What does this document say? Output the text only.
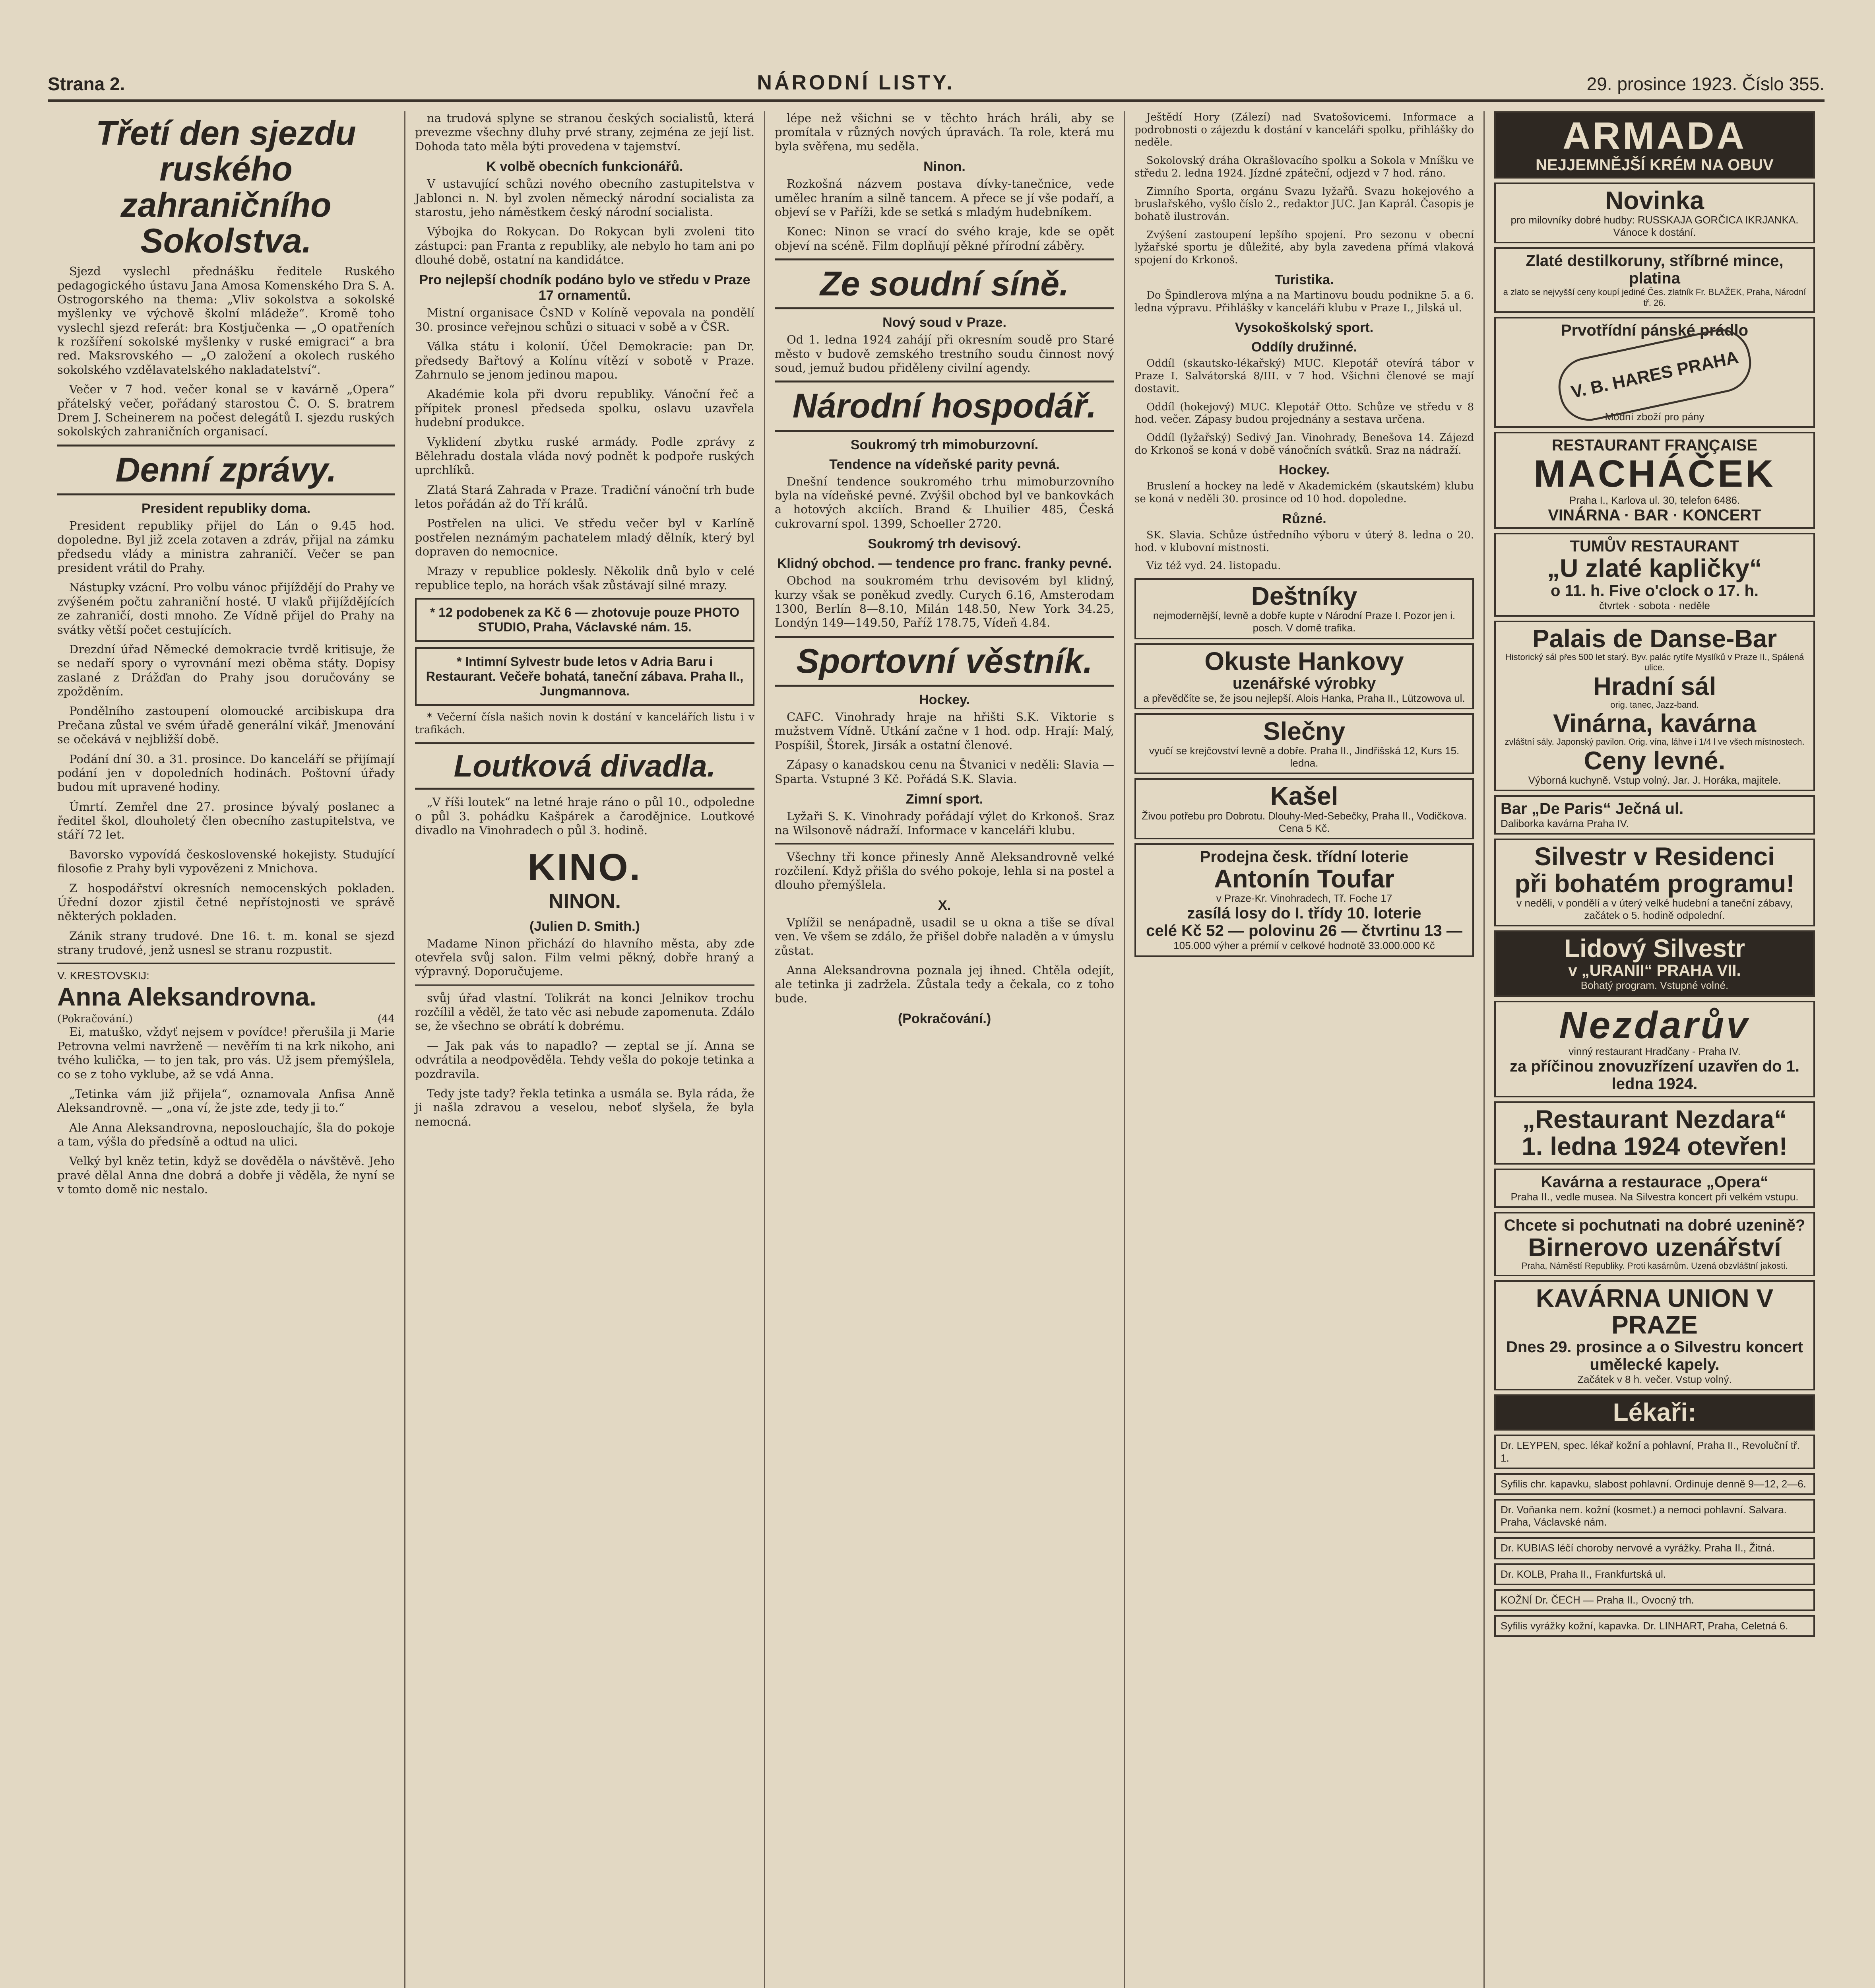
Strana 2.	NÁRODNÍ LISTY.	29. prosince 1923. Číslo 355.
Třetí den sjezdu ruského zahraničního Sokolstva.

Sjezd vyslechl přednášku ředitele Ruského pedagogického ústavu Jana Amosa Komenského Dra S. A. Ostrogorského na thema: „Vliv sokolstva a sokolské myšlenky ve výchově školní mládeže“. Kromě toho vyslechl sjezd referát: bra Kostjučenka — „O opatřeních k rozšíření sokolské myšlenky v ruské emigraci“ a bra red. Maksrovského — „O založení a okolech ruského sokolského vzdělavatelského nakladatelství“.

Večer v 7 hod. večer konal se v kavárně „Opera“ přátelský večer, pořádaný starostou Č. O. S. bratrem Drem J. Scheinerem na počest delegátů I. sjezdu ruských sokolských zahraničních organisací.

Denní zprávy.
President republiky doma.

President republiky přijel do Lán o 9.45 hod. dopoledne. Byl již zcela zotaven a zdráv, přijal na zámku předsedu vlády a ministra zahraničí. Večer se pan president vrátil do Prahy.

Nástupky vzácní. Pro volbu vánoc přijíždějí do Prahy ve zvýšeném počtu zahraniční hosté. U vlaků přijíždějících ze zahraničí, dosti mnoho. Ze Vídně přijel do Prahy na svátky větší počet cestujících.

Drezdní úřad Německé demokracie tvrdě kritisuje, že se nedaří spory o vyrovnání mezi oběma státy. Dopisy zaslané z Drážďan do Prahy jsou doručovány se zpožděním.

Pondělního zastoupení olomoucké arcibiskupa dra Prečana zůstal ve svém úřadě generální vikář. Jmenování se očekává v nejbližší době.

Podání dní 30. a 31. prosince. Do kanceláří se přijímají podání jen v dopoledních hodinách. Poštovní úřady budou mít upravené hodiny.

Úmrtí. Zemřel dne 27. prosince bývalý poslanec a ředitel škol, dlouholetý člen obecního zastupitelstva, ve stáří 72 let.

Bavorsko vypovídá československé hokejisty. Studující filosofie z Prahy byli vypovězeni z Mnichova.

Z hospodářství okresních nemocenských pokladen. Úřední dozor zjistil četné nepřístojnosti ve správě některých pokladen.

Zánik strany trudové. Dne 16. t. m. konal se sjezd strany trudové, jenž usnesl se stranu rozpustit.

V. KRESTOVSKIJ:
Anna Aleksandrovna.
(Pokračování.)	(44

Ei, matuško, vždyť nejsem v povídce! přerušila ji Marie Petrovna velmi navrženě — nevěřím ti na krk nikoho, ani tvého kulička, — to jen tak, pro vás. Už jsem přemýšlela, co se z toho vyklube, až se vdá Anna.

„Tetinka vám již přijela“, oznamovala Anfisa Anně Aleksandrovně. — „ona ví, že jste zde, tedy ji to.“

Ale Anna Aleksandrovna, neposlouchajíc, šla do pokoje a tam, výšla do předsíně a odtud na ulici.

Velký byl kněz tetin, když se dověděla o návštěvě. Jeho pravé dělal Anna dne dobrá a dobře ji věděla, že nyní se v tomto domě nic nestalo.

na trudová splyne se stranou českých socialistů, která prevezme všechny dluhy prvé strany, zejména ze její list. Dohoda tato měla býti provedena v tajemství.

K volbě obecních funkcionářů.

V ustavující schůzi nového obecního zastupitelstva v Jablonci n. N. byl zvolen německý národní socialista za starostu, jeho náměstkem český národní socialista.

Výbojka do Rokycan. Do Rokycan byli zvoleni tito zástupci: pan Franta z republiky, ale nebylo ho tam ani po dlouhé době, ostatní na kandidátce.

Pro nejlepší chodník podáno bylo ve středu v Praze 17 ornamentů.

Mistní organisace ČsND v Kolíně vepovala na pondělí 30. prosince veřejnou schůzi o situaci v sobě a v ČSR.

Válka státu i kolonií. Účel Demokracie: pan Dr. předsedy Bařtový a Kolínu vítězí v sobotě v Praze. Zahrnulo se jenom jedinou mapou.

Akadémie kola při dvoru republiky. Vánoční řeč a přípitek pronesl předseda spolku, oslavu uzavřela hudební produkce.

Vyklidení zbytku ruské armády. Podle zprávy z Bělehradu dostala vláda nový podnět k podpoře ruských uprchlíků.

Zlatá Stará Zahrada v Praze. Tradiční vánoční trh bude letos pořádán až do Tří králů.

Postřelen na ulici. Ve středu večer byl v Karlíně postřelen neznámým pachatelem mladý dělník, který byl dopraven do nemocnice.

Mrazy v republice poklesly. Několik dnů bylo v celé republice teplo, na horách však zůstávají silné mrazy.

* 12 podobenek za Kč 6 — zhotovuje pouze PHOTO STUDIO, Praha, Václavské nám. 15.
* Intimní Sylvestr bude letos v Adria Baru i Restaurant. Večeře bohatá, taneční zábava. Praha II., Jungmannova.

* Večerní čísla našich novin k dostání v kancelářích listu i v trafikách.

Loutková divadla.

„V říši loutek“ na letné hraje ráno o půl 10., odpoledne o půl 3. pohádku Kašpárek a čarodějnice. Loutkové divadlo na Vinohradech o půl 3. hodině.

KINO.
NINON.
(Julien D. Smith.)

Madame Ninon přichází do hlavního města, aby zde otevřela svůj salon. Film velmi pěkný, dobře hraný a výpravný. Doporučujeme.

svůj úřad vlastní. Tolikrát na konci Jelnikov trochu rozčílil a věděl, že tato věc asi nebude zapomenuta. Zdálo se, že všechno se obrátí k dobrému.

— Jak pak vás to napadlo? — zeptal se jí. Anna se odvrátila a neodpověděla. Tehdy vešla do pokoje tetinka a pozdravila.

Tedy jste tady? řekla tetinka a usmála se. Byla ráda, že ji našla zdravou a veselou, neboť slyšela, že byla nemocná.

lépe než všichni se v těchto hrách hráli, aby se promítala v různých nových úpravách. Ta role, která mu byla svěřena, mu seděla.

Ninon.

Rozkošná názvem postava dívky-tanečnice, vede umělec hraním a silně tancem. A přece se jí vše podaří, a objeví se v Paříži, kde se setká s mladým hudebníkem.

Konec: Ninon se vrací do svého kraje, kde se opět objeví na scéně. Film doplňují pěkné přírodní záběry.

Ze soudní síně.
Nový soud v Praze.

Od 1. ledna 1924 zahájí při okresním soudě pro Staré město v budově zemského trestního soudu činnost nový soud, jemuž budou přiděleny civilní agendy.

Národní hospodář.
Soukromý trh mimoburzovní.
Tendence na vídeňské parity pevná.

Dnešní tendence soukromého trhu mimoburzovního byla na vídeňské pevné. Zvýšil obchod byl ve bankovkách a hotových akciích. Brand & Lhuilier 485, Česká cukrovarní spol. 1399, Schoeller 2720.

Soukromý trh devisový.
Klidný obchod. — tendence pro franc. franky pevné.

Obchod na soukromém trhu devisovém byl klidný, kurzy však se poněkud zvedly. Curych 6.16, Amsterodam 1300, Berlín 8—8.10, Milán 148.50, New York 34.25, Londýn 149—149.50, Paříž 178.75, Vídeň 4.84.

Sportovní věstník.
Hockey.

CAFC. Vinohrady hraje na hřišti S.K. Viktorie s mužstvem Vídně. Utkání začne v 1 hod. odp. Hrají: Malý, Pospíšil, Štorek, Jirsák a ostatní členové.

Zápasy o kanadskou cenu na Štvanici v neděli: Slavia — Sparta. Vstupné 3 Kč. Pořádá S.K. Slavia.

Zimní sport.

Lyžaři S. K. Vinohrady pořádají výlet do Krkonoš. Sraz na Wilsonově nádraží. Informace v kanceláři klubu.

Všechny tři konce přinesly Anně Aleksandrovně velké rozčilení. Když přišla do svého pokoje, lehla si na postel a dlouho přemýšlela.

X.

Vplížil se nenápadně, usadil se u okna a tiše se díval ven. Ve všem se zdálo, že přišel dobře naladěn a v úmyslu zůstat.

Anna Aleksandrovna poznala jej ihned. Chtěla odejít, ale tetinka ji zadržela. Zůstala tedy a čekala, co z toho bude.

(Pokračování.)

Ještědí Hory (Zálezí) nad Svatošovicemi. Informace a podrobnosti o zájezdu k dostání v kanceláři spolku, přihlášky do neděle.

Sokolovský dráha Okrašlovacího spolku a Sokola v Mníšku ve středu 2. ledna 1924. Jízdné zpáteční, odjezd v 7 hod. ráno.

Zimního Sporta, orgánu Svazu lyžařů. Svazu hokejového a bruslařského, vyšlo číslo 2., redaktor JUC. Jan Kaprál. Časopis je bohatě ilustrován.

Zvýšení zastoupení lepšího spojení. Pro sezonu v obecní lyžařské sportu je důležité, aby byla zavedena přímá vlaková spojení do Krkonoš.

Turistika.

Do Špindlerova mlýna a na Martinovu boudu podnikne 5. a 6. ledna výpravu. Přihlášky v kanceláři klubu v Praze I., Jilská ul.

Vysokoškolský sport.
Oddíly družinné.

Oddíl (skautsko-lékařský) MUC. Klepotář otevírá tábor v Praze I. Salvátorská 8/III. v 7 hod. Všichni členové se mají dostavit.

Oddíl (hokejový) MUC. Klepotář Otto. Schůze ve středu v 8 hod. večer. Zápasy budou projednány a sestava určena.

Oddíl (lyžařský) Sedivý Jan. Vinohrady, Benešova 14. Zájezd do Krkonoš se koná v době vánočních svátků. Sraz na nádraží.

Hockey.

Bruslení a hockey na ledě v Akademickém (skautském) klubu se koná v neděli 30. prosince od 10 hod. dopoledne.

Různé.

SK. Slavia. Schůze ústředního výboru v úterý 8. ledna o 20. hod. v klubovní místnosti.

Viz též vyd. 24. listopadu.

Deštníky
nejmodernější, levně a dobře kupte v Národní Praze I. Pozor jen i. posch. V domě trafika.
Okuste Hankovy
uzenářské výrobky
a převědčíte se, že jsou nejlepší. Alois Hanka, Praha II., Lützowova ul.
Slečny
vyučí se krejčovství levně a dobře. Praha II., Jindřišská 12, Kurs 15. ledna.
Kašel
Živou potřebu pro Dobrotu. Dlouhy-Med-Sebečky, Praha II., Vodičkova. Cena 5 Kč.
Prodejna česk. třídní loterie
Antonín Toufar
v Praze-Kr. Vinohradech, Tř. Foche 17
zasílá losy do I. třídy 10. loterie
celé Kč 52 — polovinu 26 — čtvrtinu 13 —
105.000 výher a prémií v celkové hodnotě 33.000.000 Kč
ARMADA
NEJJEMNĚJŠÍ KRÉM NA OBUV
Novinka
pro milovníky dobré hudby: RUSSKAJA GORČICA IKRJANKA. Vánoce k dostání.
Zlaté destilkoruny, stříbrné mince, platina
a zlato se nejvyšší ceny koupí jediné Čes. zlatník Fr. BLAŽEK, Praha, Národní tř. 26.
Prvotřídní pánské prádlo
V. B. HARES PRAHA
Módní zboží pro pány
RESTAURANT FRANÇAISE
MACHÁČEK
Praha I., Karlova ul. 30, telefon 6486.
VINÁRNA · BAR · KONCERT
TUMŮV RESTAURANT
„U zlaté kapličky“
o 11. h. Five o'clock o 17. h.
čtvrtek · sobota · neděle
Palais de Danse-Bar
Historický sál přes 500 let starý. Byv. palác rytíře Myslíků v Praze II., Spálená ulice.
Hradní sál
orig. tanec, Jazz-band.
Vinárna, kavárna
zvláštní sály. Japonský pavilon. Orig. vína, láhve i 1/4 l ve všech místnostech.
Ceny levné.
Výborná kuchyně. Vstup volný. Jar. J. Horáka, majitele.
Bar „De Paris“ Ječná ul.
Daliborka kavárna Praha IV.
Silvestr v Residenci
při bohatém programu!
v neděli, v pondělí a v úterý velké hudební a taneční zábavy, začátek o 5. hodině odpolední.
Lidový Silvestr
v „URANII“ PRAHA VII.
Bohatý program. Vstupné volné.
Nezdarův
vinný restaurant Hradčany - Praha IV.
za příčinou znovuzřízení uzavřen do 1. ledna 1924.
„Restaurant Nezdara“
1. ledna 1924 otevřen!
Kavárna a restaurace „Opera“
Praha II., vedle musea. Na Silvestra koncert při velkém vstupu.
Chcete si pochutnati na dobré uzenině?
Birnerovo uzenářství
Praha, Náměstí Republiky. Proti kasárnům. Uzená obzvláštní jakosti.
KAVÁRNA UNION V PRAZE
Dnes 29. prosince a o Silvestru koncert umělecké kapely.
Začátek v 8 h. večer. Vstup volný.
Lékaři:
Dr. LEYPEN, spec. lékař kožní a pohlavní, Praha II., Revoluční tř. 1.
Syfilis chr. kapavku, slabost pohlavní. Ordinuje denně 9—12, 2—6.
Dr. Voňanka nem. kožní (kosmet.) a nemoci pohlavní. Salvara. Praha, Václavské nám.
Dr. KUBIAS léčí choroby nervové a vyrážky. Praha II., Žitná.
Dr. KOLB, Praha II., Frankfurtská ul.
KOŽNÍ Dr. ČECH — Praha II., Ovocný trh.
Syfilis vyrážky kožní, kapavka. Dr. LINHART, Praha, Celetná 6.
